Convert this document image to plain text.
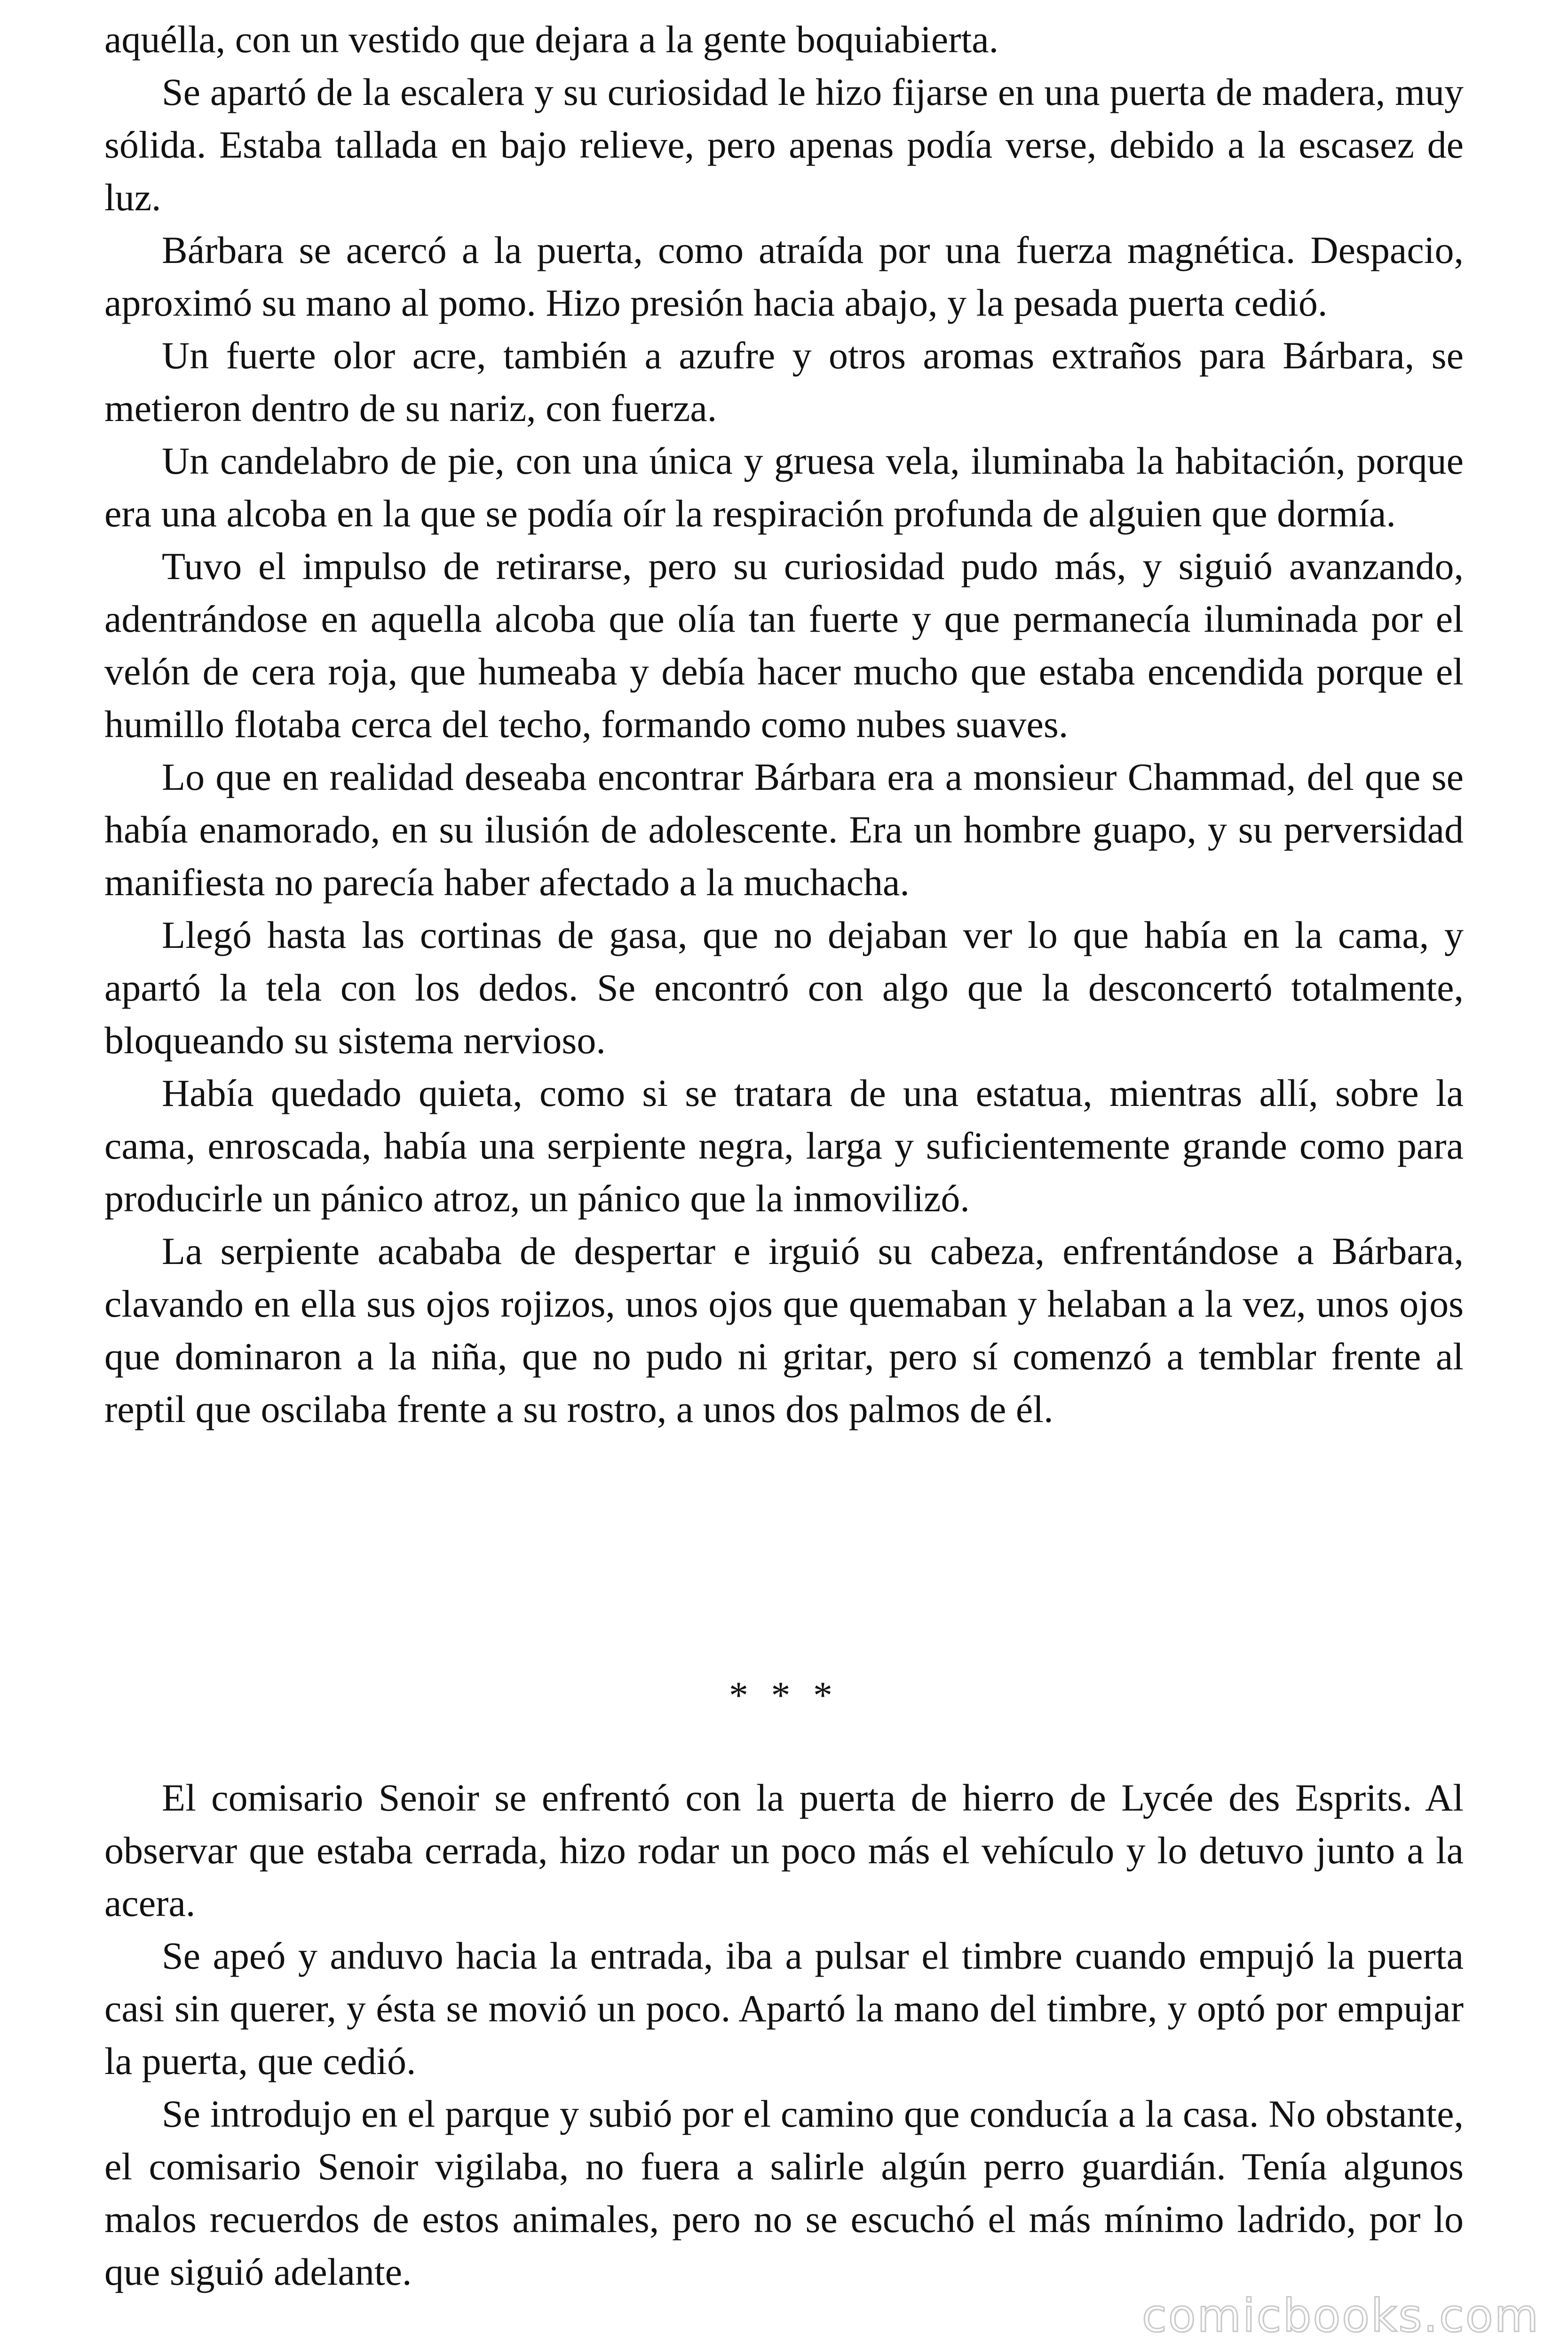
aquélla, con un vestido que dejara a la gente boquiabierta.

Se apartó de la escalera y su curiosidad le hizo fijarse en una puerta de madera, muy sólida. Estaba tallada en bajo relieve, pero apenas podía verse, debido a la escasez de luz.

Bárbara se acercó a la puerta, como atraída por una fuerza magnética. Despacio, aproximó su mano al pomo. Hizo presión hacia abajo, y la pesada puerta cedió.

Un fuerte olor acre, también a azufre y otros aromas extraños para Bárbara, se metieron dentro de su nariz, con fuerza.

Un candelabro de pie, con una única y gruesa vela, iluminaba la habitación, porque era una alcoba en la que se podía oír la respiración profunda de alguien que dormía.

Tuvo el impulso de retirarse, pero su curiosidad pudo más, y siguió avanzando, adentrándose en aquella alcoba que olía tan fuerte y que permanecía iluminada por el velón de cera roja, que humeaba y debía hacer mucho que estaba encendida porque el humillo flotaba cerca del techo, formando como nubes suaves.

Lo que en realidad deseaba encontrar Bárbara era a monsieur Chammad, del que se había enamorado, en su ilusión de adolescente. Era un hombre guapo, y su perversidad manifiesta no parecía haber afectado a la muchacha.

Llegó hasta las cortinas de gasa, que no dejaban ver lo que había en la cama, y apartó la tela con los dedos. Se encontró con algo que la desconcertó totalmente, bloqueando su sistema nervioso.

Había quedado quieta, como si se tratara de una estatua, mientras allí, sobre la cama, enroscada, había una serpiente negra, larga y suficientemente grande como para producirle un pánico atroz, un pánico que la inmovilizó.

La serpiente acababa de despertar e irguió su cabeza, enfrentándose a Bárbara, clavando en ella sus ojos rojizos, unos ojos que quemaban y helaban a la vez, unos ojos que dominaron a la niña, que no pudo ni gritar, pero sí comenzó a temblar frente al reptil que oscilaba frente a su rostro, a unos dos palmos de él.

* * *

El comisario Senoir se enfrentó con la puerta de hierro de Lycée des Esprits. Al observar que estaba cerrada, hizo rodar un poco más el vehículo y lo detuvo junto a la acera.

Se apeó y anduvo hacia la entrada, iba a pulsar el timbre cuando empujó la puerta casi sin querer, y ésta se movió un poco. Apartó la mano del timbre, y optó por empujar la puerta, que cedió.

Se introdujo en el parque y subió por el camino que conducía a la casa. No obstante, el comisario Senoir vigilaba, no fuera a salirle algún perro guardián. Tenía algunos malos recuerdos de estos animales, pero no se escuchó el más mínimo ladrido, por lo que siguió adelante.

comicbooks.com
